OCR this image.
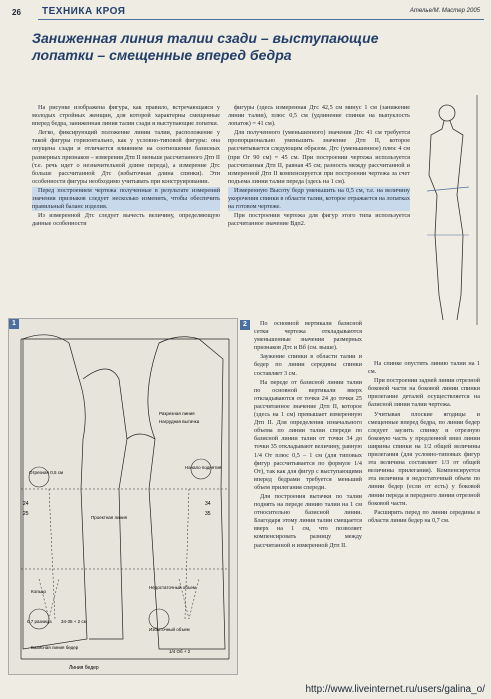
26 ТЕХНИКА КРОЯ	Ателье/М. Мастер 2005
Заниженная линия талии сзади – выступающие лопатки – смещенные вперед бедра

На рисунке изображена фигура, как правило, встречающаяся у молодых стройных женщин, для которой характерны смещенные вперед бедра, заниженная линия талии сзади и выступающие лопатки.

Легко, фиксирующий положение линии талии, расположение у такой фигуры горизонтально, как у условно-типовой фигуры: она опущена сзади и отличается влиянием на соотношение базисных размерных признаков – измерения Дтп II меньше рассчитанного Дтп II (т.е. речь идет о незначительной длине переда), а измерение Дтс больше рассчитанной Дтс (избыточная длина спинки). Эти особенности фигуры необходимо учитывать при конструировании.

Перед построением чертежа полученные в результате измерений значения признаков следует несколько изменить, чтобы обеспечить правильный баланс изделия.

Из измеренной Дтс следует вычесть величину, определяющую данные особенности

фигуры (здесь измеренная Дтс 42,5 см минус 1 см (занижение линии талии), плюс 0,5 см (удлинение спинки на выпуклость лопаток) = 41 см).

Для полученного (уменьшенного) значения Дтс 41 см требуется пропорционально уменьшить значение Дтп II, которое рассчитывается следующим образом. Дтс (уменьшенное) плюс 4 см (при Ог 90 см) = 45 см. При построении чертежа используется рассчитанная Дтп II, равная 45 см; разность между рассчитанной и измеренной Дтп II компенсируется при построении чертежа за счет подъема линии талии переда (здесь на 1 см).

Измеренную Высоту бедр уменьшить на 0,5 см, т.е. на величину укорочения спинки в области талии, которое отражается на лопатках на готовом чертеже.

При построении чертежа для фигур этого типа используется рассчитанное значение Вдп2.

1
24
25
34
35
Разрезная линия
Нагрудная вытачка
Проектная линия
Отрезная 0,5 см
Начало поднятия
Кольцо
Недостаточный объем
Базисная линия бедер
0,7 разница 34-35 + 2 см
Избыточный объем
1/4 Об + 2
Линия бедер
2	По основной вертикали базисной сетки чертежа откладываются уменьшенные значения размерных признаков Дтс и Вб (см. выше).

Заужение спинки в области талии и бедер по линии середины спинки составляет 3 см.

На переде от базисной линии талии по основной вертикали вверх откладываются от точки 24 до точки 25 рассчитанное значение Дтп II, которое (здесь на 1 см) превышает измеренную Дтп II. Для определения изначального объема по линии талии спереди по базисной линии талии от точки 34 до точки 35 откладывают величину, равную 1/4 От плюс 0,5 – 1 см (для типовых фигур рассчитывается по формуле 1/4 От), так как для фигур с выступающими вперед бедрами требуется меньший объем прилегания спереди.

Для построения вытачки по талии поднять на переде линию талии на 1 см относительно базисной линии. Благодаря этому линия талии смещается вверх на 1 см, что позволяет компенсировать разницу между рассчитанной и измеренной Дтп II.

На спинке опустить линию талии на 1 см.

При построении задней линии отрезной боковой части на боковой линии спинки прилегание деталей осуществляется на базисной линии талии чертежа.

Учитывая плоские ягодицы и смещенные вперед бедра, по линии бедер следует заузить спинку и отрезную боковую часть у продленной вниз линии ширины спинки на 1/2 общей величины прилегания (для условно-типовых фигур эта величина составляет 1/3 от общей величины прилегания). Компенсируется эта величина в недостаточный объем по линии бедер (если от есть) у боковой линии переда и переднего линии отрезной боковой части.

Расширить перед по линии середины в области линии бедер на 0,7 см.

http://www.liveinternet.ru/users/galina_o/
